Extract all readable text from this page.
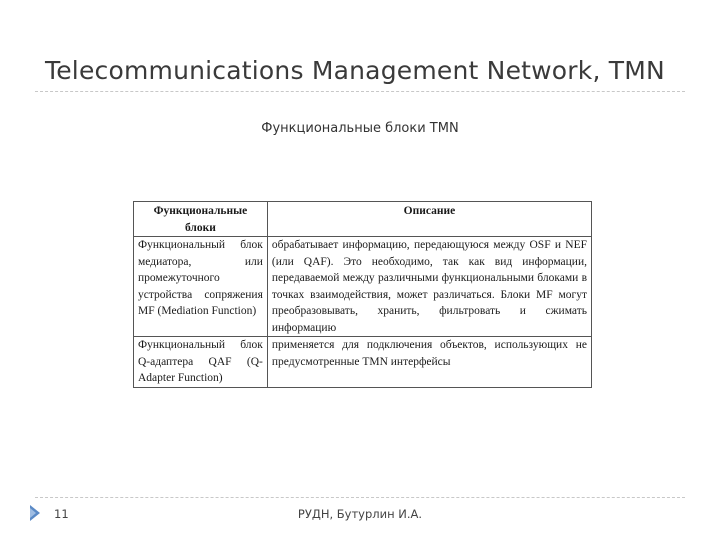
Telecommunications Management Network, TMN
Функциональные блоки TMN
Функциональные блоки	Описание
Функциональный блок медиатора, или промежуточного устройства сопряжения MF (Mediation Function)	обрабатывает информацию, передающуюся между OSF и NEF (или QAF). Это необходимо, так как вид информации, передаваемой между различными функциональными блоками в точках взаимодействия, может различаться. Блоки MF могут преобразовывать, хранить, фильтровать и сжимать информацию
Функциональный блок Q-адаптера QAF (Q-Adapter Function)	применяется для подключения объектов, использующих не предусмотренные TMN интерфейсы
11	РУДН, Бутурлин И.А.
